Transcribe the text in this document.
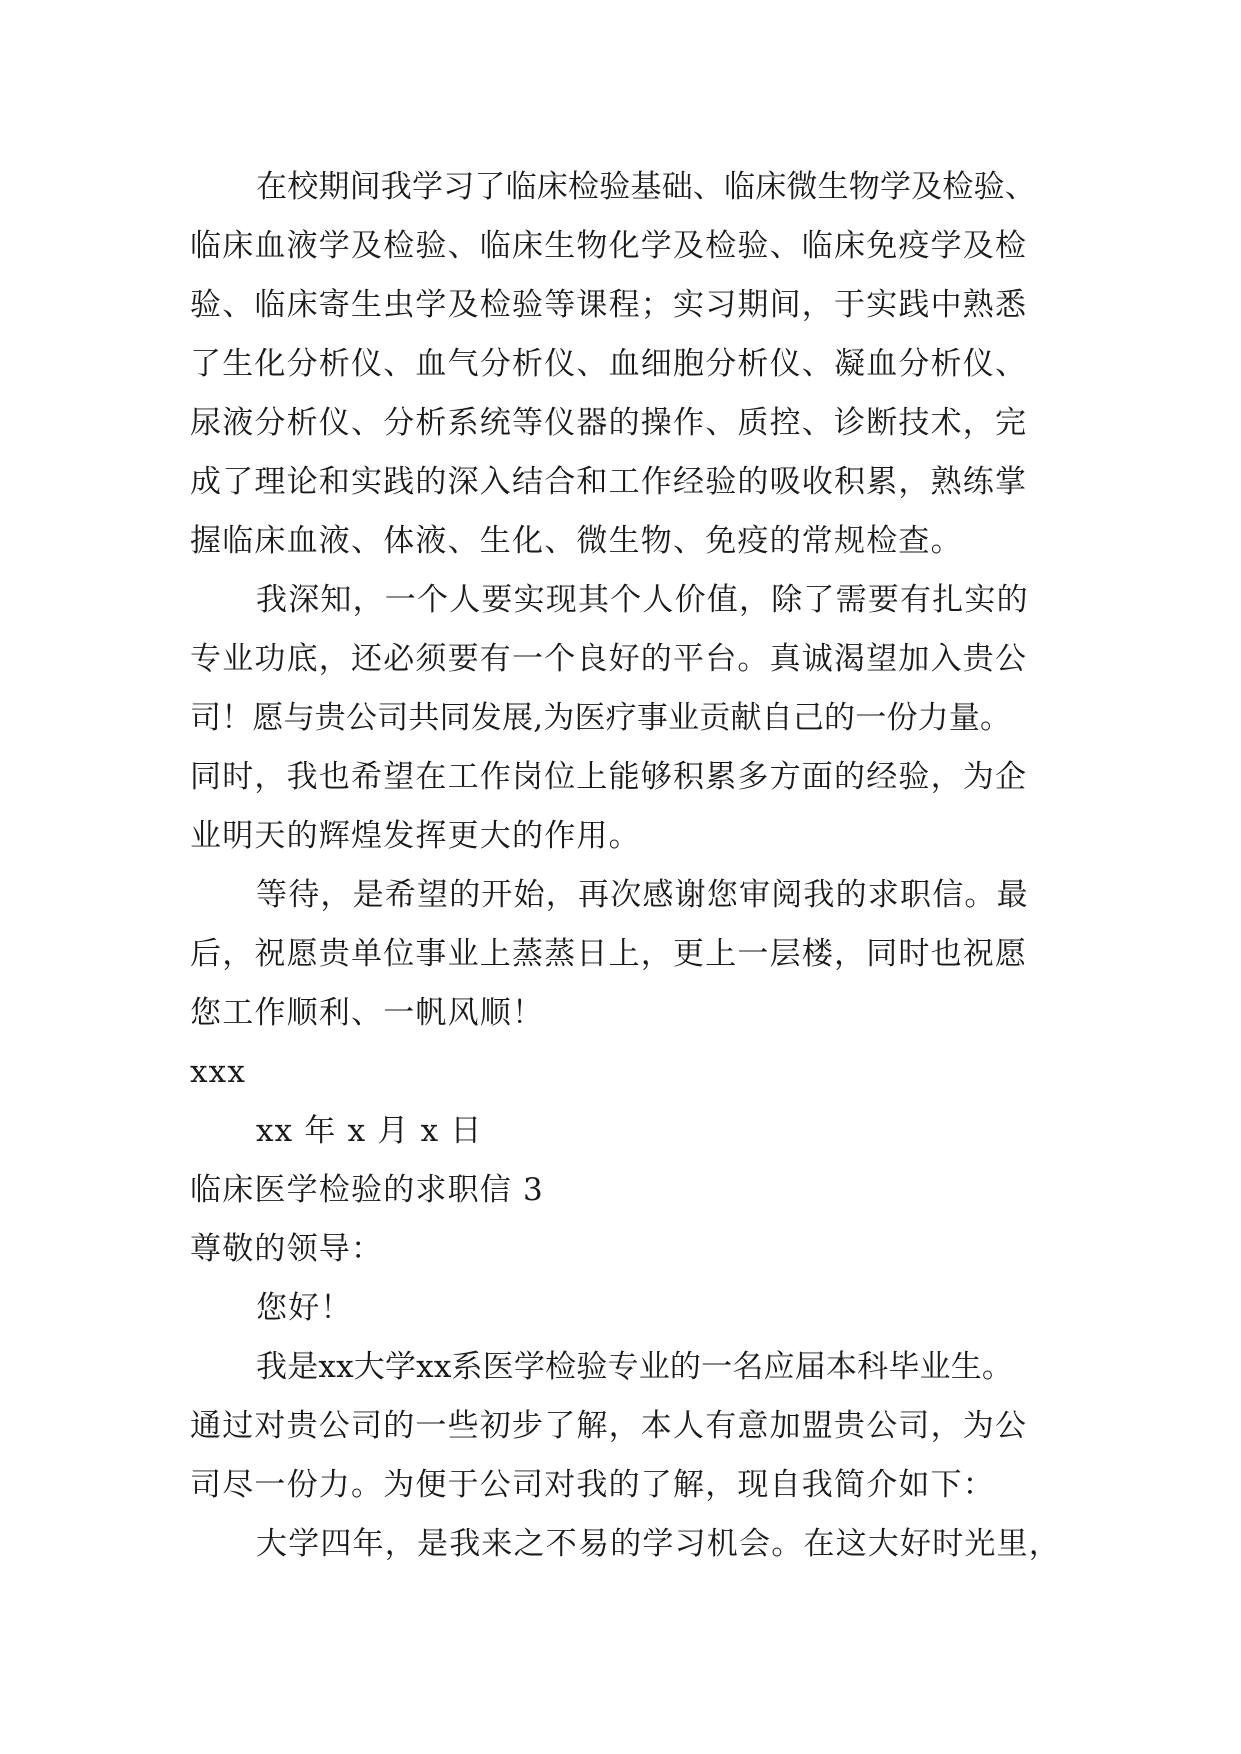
在校期间我学习了临床检验基础、临床微生物学及检验、
临床血液学及检验、临床生物化学及检验、临床免疫学及检
验、临床寄生虫学及检验等课程；实习期间，于实践中熟悉
了生化分析仪、血气分析仪、血细胞分析仪、凝血分析仪、
尿液分析仪、分析系统等仪器的操作、质控、诊断技术，完
成了理论和实践的深入结合和工作经验的吸收积累，熟练掌
握临床血液、体液、生化、微生物、免疫的常规检查。
我深知，一个人要实现其个人价值，除了需要有扎实的
专业功底，还必须要有一个良好的平台。真诚渴望加入贵公
司！愿与贵公司共同发展,为医疗事业贡献自己的一份力量。
同时，我也希望在工作岗位上能够积累多方面的经验，为企
业明天的辉煌发挥更大的作用。
等待，是希望的开始，再次感谢您审阅我的求职信。最
后，祝愿贵单位事业上蒸蒸日上，更上一层楼，同时也祝愿
您工作顺利、一帆风顺！
xxx
xx 年 x 月 x 日
临床医学检验的求职信 3
尊敬的领导：
您好！
我是xx大学xx系医学检验专业的一名应届本科毕业生。
通过对贵公司的一些初步了解，本人有意加盟贵公司，为公
司尽一份力。为便于公司对我的了解，现自我简介如下：
大学四年，是我来之不易的学习机会。在这大好时光里，
